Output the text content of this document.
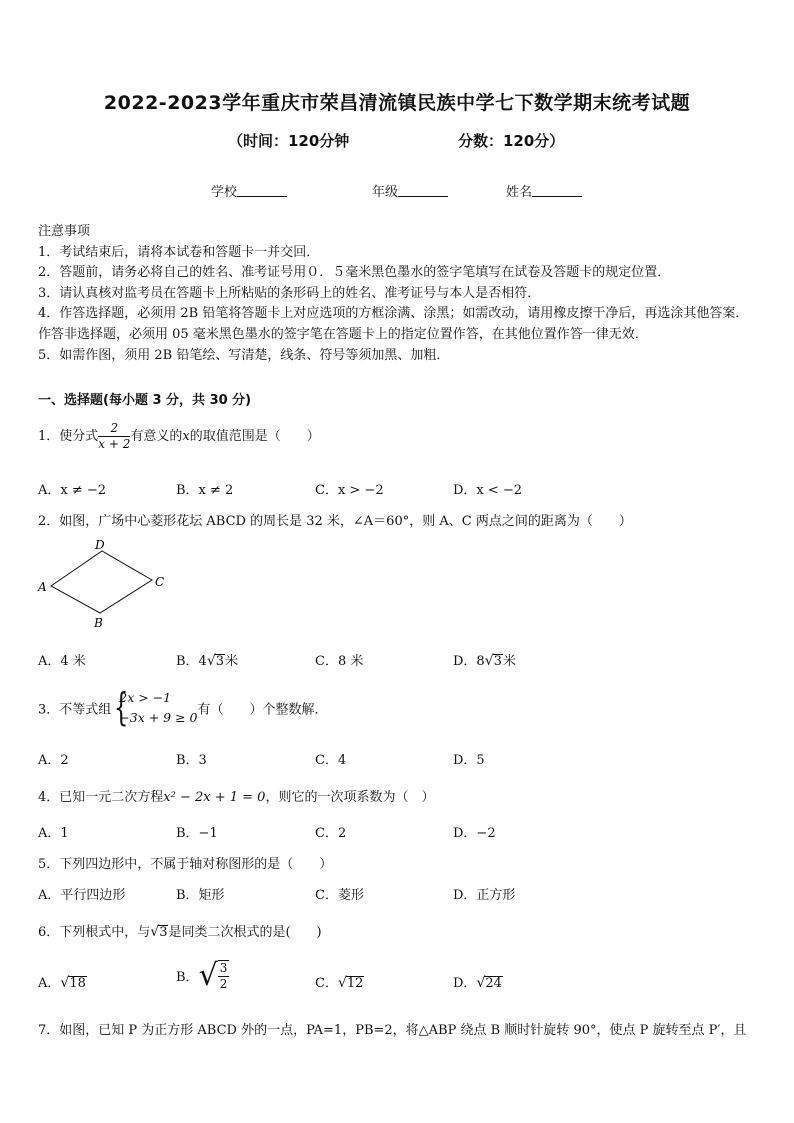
2022-2023学年重庆市荣昌清流镇民族中学七下数学期末统考试题
（时间：120分钟	分数：120分）
学校	年级	姓名

注意事项

1．考试结束后，请将本试卷和答题卡一并交回．

2．答题前，请务必将自己的姓名、准考证号用０．５毫米黑色墨水的签字笔填写在试卷及答题卡的规定位置．

3．请认真核对监考员在答题卡上所粘贴的条形码上的姓名、准考证号与本人是否相符．

4．作答选择题，必须用 2B 铅笔将答题卡上对应选项的方框涂满、涂黑；如需改动，请用橡皮擦干净后，再选涂其他答案．作答非选择题，必须用 05 毫米黑色墨水的签字笔在答题卡上的指定位置作答，在其他位置作答一律无效．

5．如需作图，须用 2B 铅笔绘、写清楚，线条、符号等须加黑、加粗．

一、选择题(每小题 3 分，共 30 分)
1．使分式 $\frac{2}{x + 2}$ 有意义的x的取值范围是（　　）
A．x ≠ −2	B．x ≠ 2	C．x > −2	D．x < −2
2．如图，广场中心菱形花坛 ABCD 的周长是 32 米，∠A＝60°，则 A、C 两点之间的距离为（　　）
A
D
C
B
A．4 米	B．4√3米	C．8 米	D．8√3米
3．不等式组 {
2x > −1
−3x + 9 ≥ 0 有（　　）个整数解．
A．2	B．3	C．4	D．5
4．已知一元二次方程x² − 2x + 1 = 0，则它的一次项系数为（　）
A．1	B．−1	C．2	D．−2
5．下列四边形中，不属于轴对称图形的是（　　）
A．平行四边形	B．矩形	C．菱形	D．正方形
6．下列根式中，与√3是同类二次根式的是(　　)
A．√18	B．√ $\frac{3}{2}$	C．√12	D．√24
7．如图，已知 P 为正方形 ABCD 外的一点，PA=1，PB=2，将△ABP 绕点 B 顺时针旋转 90°，使点 P 旋转至点 P′，且
